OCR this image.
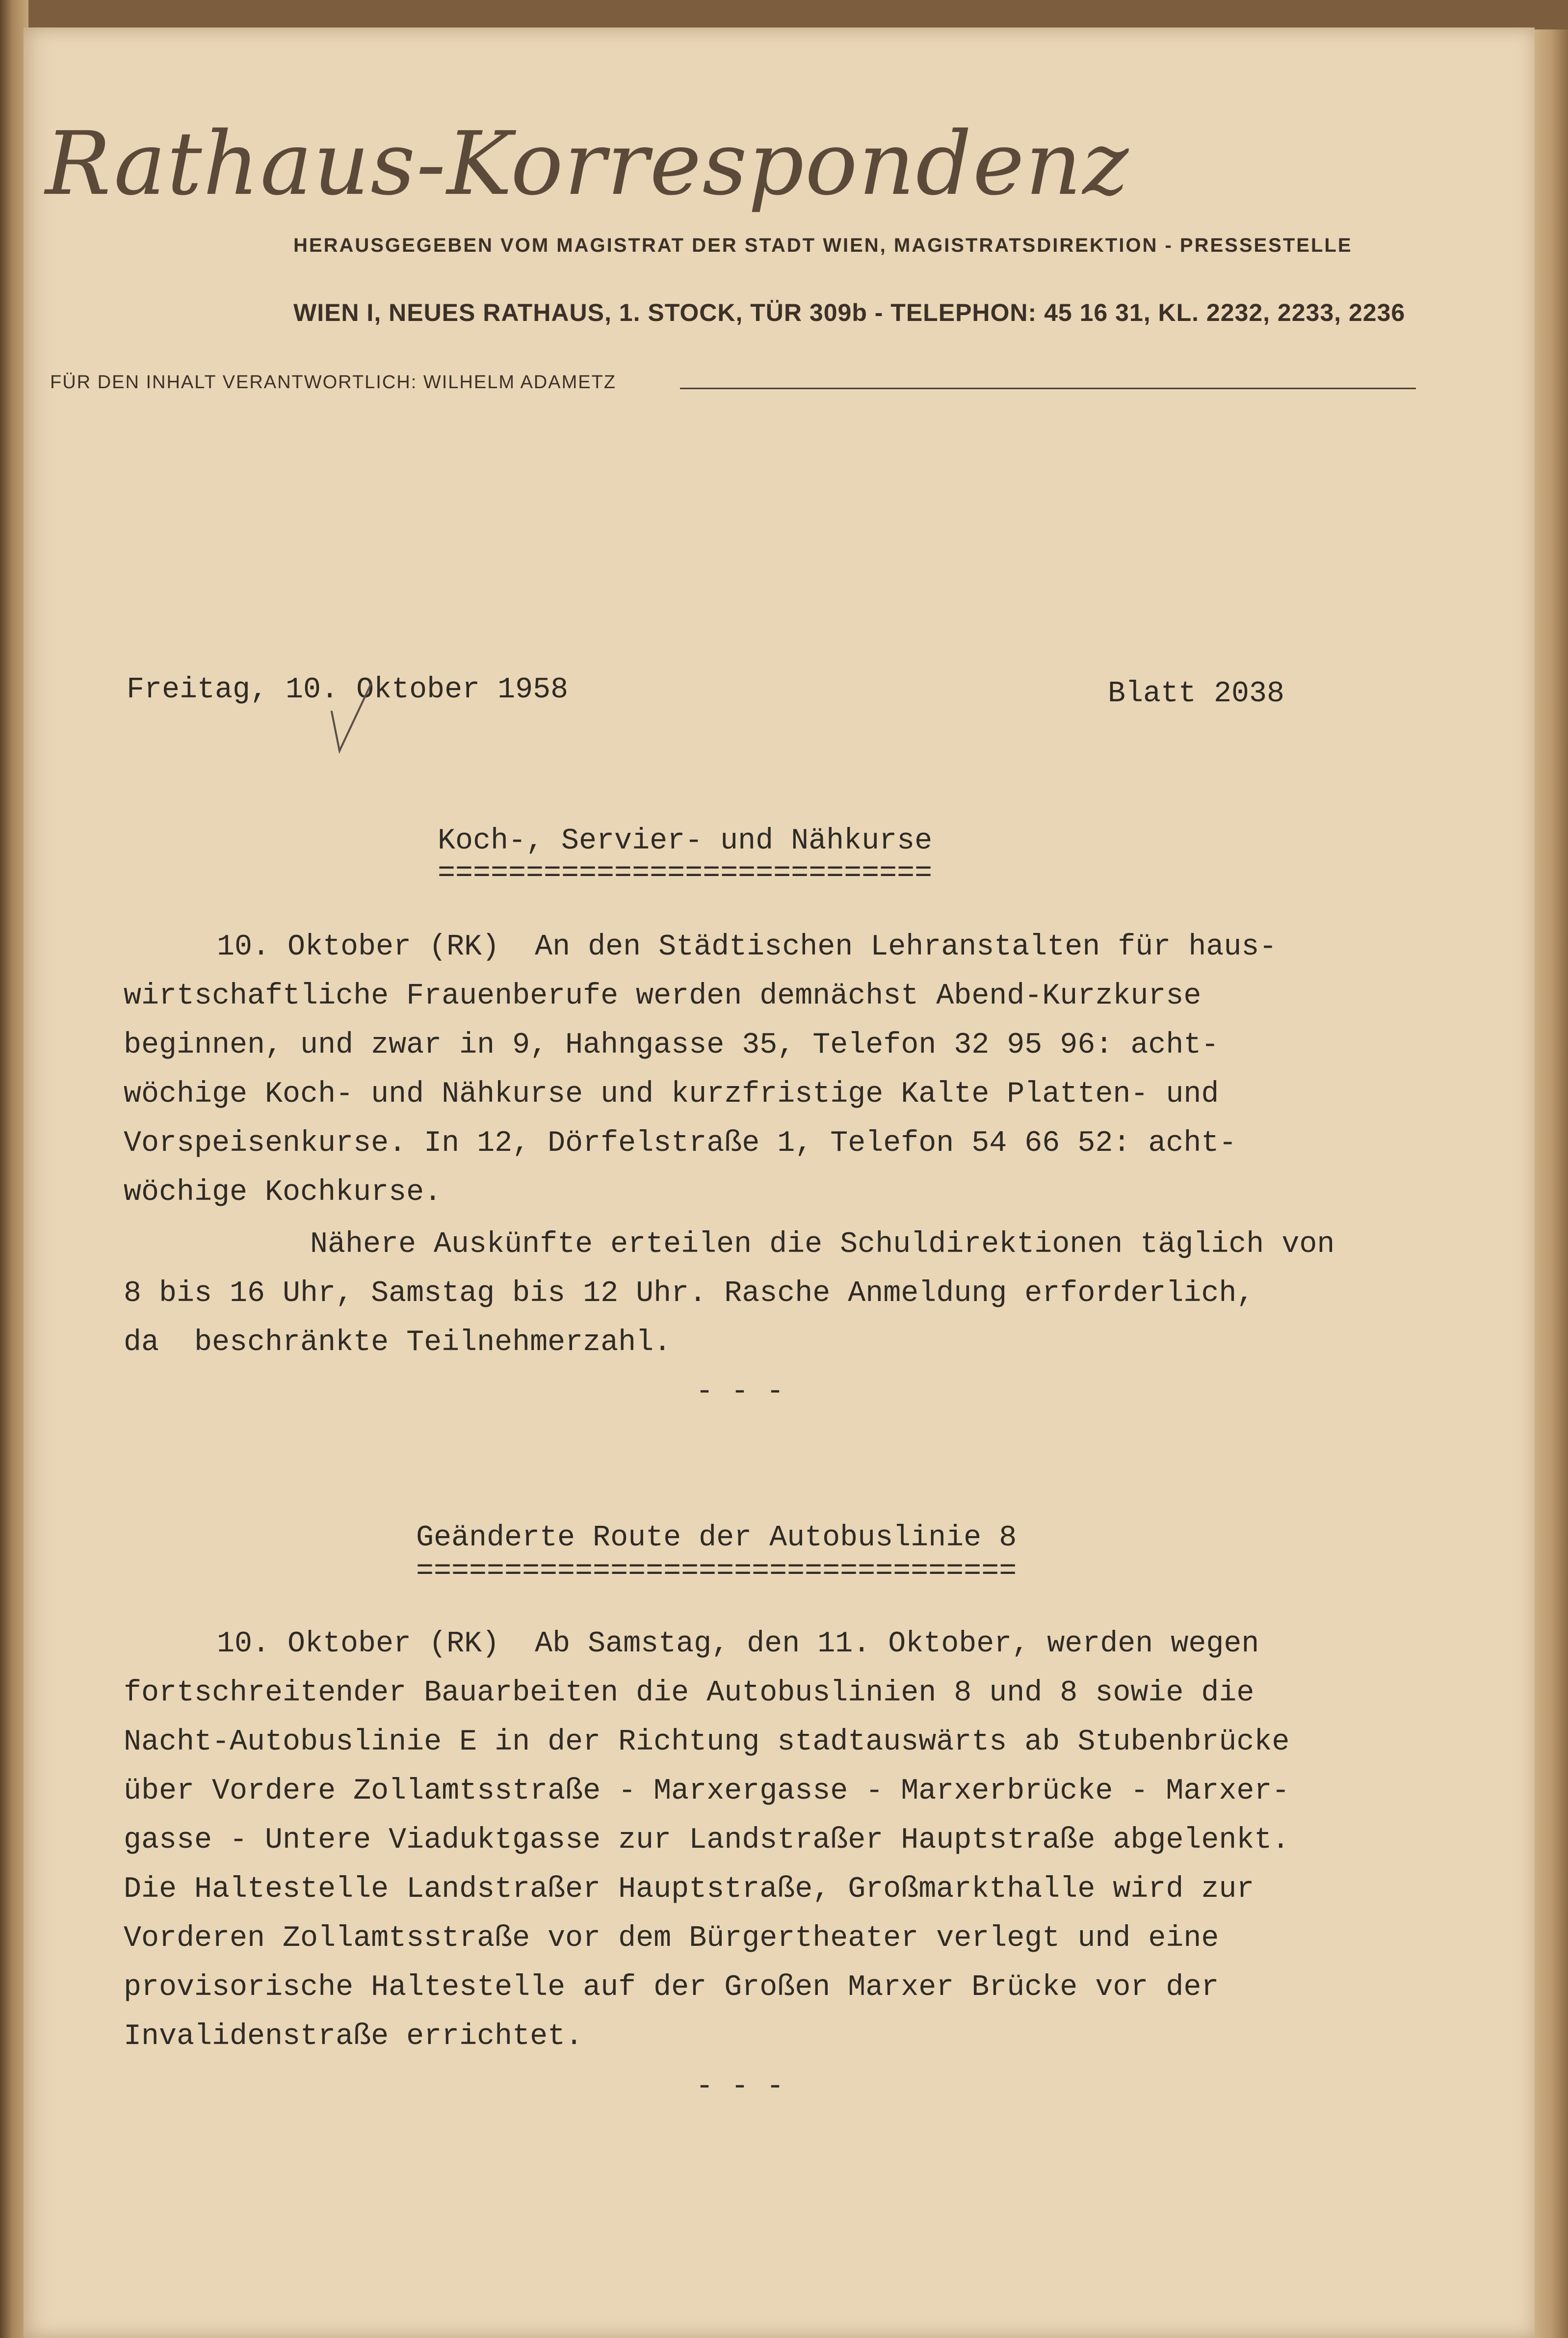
Rathaus-Korrespondenz
HERAUSGEGEBEN VOM MAGISTRAT DER STADT WIEN, MAGISTRATSDIREKTION - PRESSESTELLE
WIEN I, NEUES RATHAUS, 1. STOCK, TÜR 309b - TELEPHON: 45 16 31, KL. 2232, 2233, 2236
FÜR DEN INHALT VERANTWORTLICH: WILHELM ADAMETZ
Freitag, 10. Oktober 1958	Blatt 2038
Koch-, Servier- und Nähkurse
============================
10. Oktober (RK)  An den Städtischen Lehranstalten für haus-
wirtschaftliche Frauenberufe werden demnächst Abend-Kurzkurse
beginnen, und zwar in 9, Hahngasse 35, Telefon 32 95 96: acht-
wöchige Koch- und Nähkurse und kurzfristige Kalte Platten- und
Vorspeisenkurse. In 12, Dörfelstraße 1, Telefon 54 66 52: acht-
wöchige Kochkurse.
Nähere Auskünfte erteilen die Schuldirektionen täglich von
8 bis 16 Uhr, Samstag bis 12 Uhr. Rasche Anmeldung erforderlich,
da  beschränkte Teilnehmerzahl.
- - -
Geänderte Route der Autobuslinie 8
==================================
10. Oktober (RK)  Ab Samstag, den 11. Oktober, werden wegen
fortschreitender Bauarbeiten die Autobuslinien 8 und 8 sowie die
Nacht-Autobuslinie E in der Richtung stadtauswärts ab Stubenbrücke
über Vordere Zollamtsstraße - Marxergasse - Marxerbrücke - Marxer-
gasse - Untere Viaduktgasse zur Landstraßer Hauptstraße abgelenkt.
Die Haltestelle Landstraßer Hauptstraße, Großmarkthalle wird zur
Vorderen Zollamtsstraße vor dem Bürgertheater verlegt und eine
provisorische Haltestelle auf der Großen Marxer Brücke vor der
Invalidenstraße errichtet.
- - -
